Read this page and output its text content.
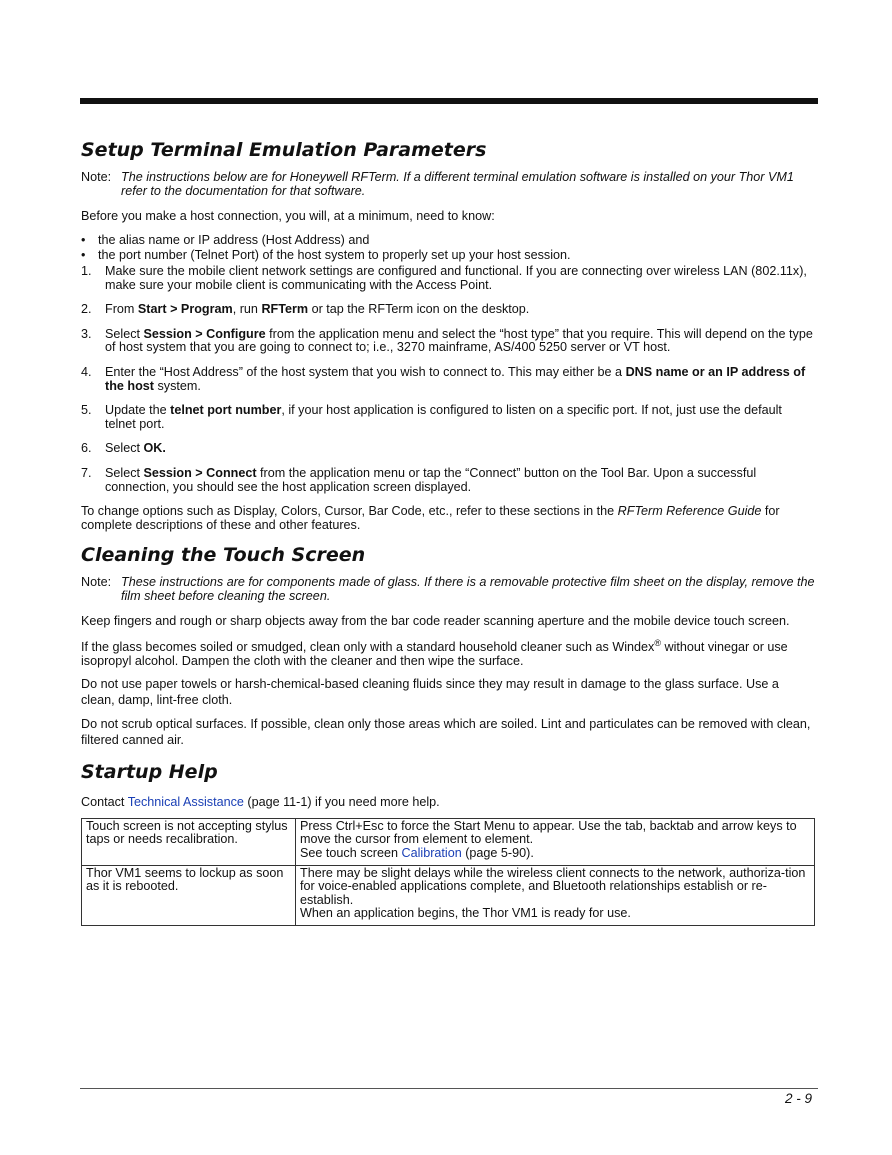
Setup Terminal Emulation Parameters
Note: The instructions below are for Honeywell RFTerm. If a different terminal emulation software is installed on your Thor VM1 refer to the documentation for that software.

Before you make a host connection, you will, at a minimum, need to know:

• the alias name or IP address (Host Address) and
• the port number (Telnet Port) of the host system to properly set up your host session.
1.	Make sure the mobile client network settings are configured and functional. If you are connecting over wireless LAN (802.11x), make sure your mobile client is communicating with the Access Point.
2.	From Start > Program, run RFTerm or tap the RFTerm icon on the desktop.
3.	Select Session > Configure from the application menu and select the “host type” that you require. This will depend on the type of host system that you are going to connect to; i.e., 3270 mainframe, AS/400 5250 server or VT host.
4.	Enter the “Host Address” of the host system that you wish to connect to. This may either be a DNS name or an IP address of the host system.
5.	Update the telnet port number, if your host application is configured to listen on a specific port. If not, just use the default telnet port.
6.	Select OK.
7.	Select Session > Connect from the application menu or tap the “Connect” button on the Tool Bar. Upon a successful connection, you should see the host application screen displayed.

To change options such as Display, Colors, Cursor, Bar Code, etc., refer to these sections in the RFTerm Reference Guide for complete descriptions of these and other features.

Cleaning the Touch Screen
Note: These instructions are for components made of glass. If there is a removable protective film sheet on the display, remove the film sheet before cleaning the screen.

Keep fingers and rough or sharp objects away from the bar code reader scanning aperture and the mobile device touch screen.

If the glass becomes soiled or smudged, clean only with a standard household cleaner such as Windex® without vinegar or use isopropyl alcohol. Dampen the cloth with the cleaner and then wipe the surface.

Do not use paper towels or harsh-chemical-based cleaning fluids since they may result in damage to the glass surface. Use a clean, damp, lint-free cloth.

Do not scrub optical surfaces. If possible, clean only those areas which are soiled. Lint and particulates can be removed with clean, filtered canned air.

Startup Help

Contact Technical Assistance (page 11-1) if you need more help.

Touch screen is not accepting stylus taps or needs recalibration.	Press Ctrl+Esc to force the Start Menu to appear. Use the tab, backtab and arrow keys to move the cursor from element to element.
See touch screen Calibration (page 5-90).

Thor VM1 seems to lockup as soon as it is rebooted.	There may be slight delays while the wireless client connects to the network, authoriza-tion for voice-enabled applications complete, and Bluetooth relationships establish or re-establish.
When an application begins, the Thor VM1 is ready for use.
2 - 9
